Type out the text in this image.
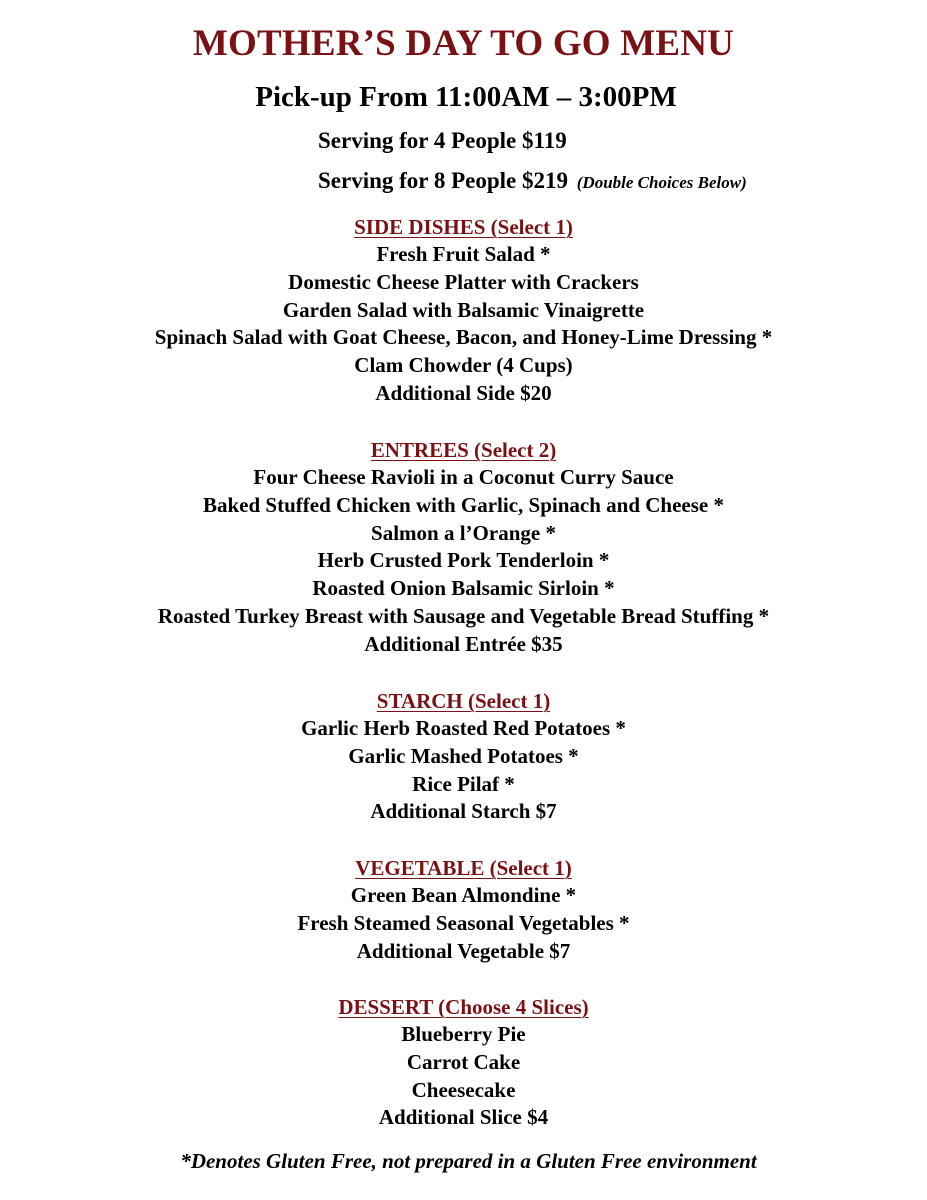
MOTHER’S DAY TO GO MENU
Pick-up From 11:00AM – 3:00PM
Serving for 4 People $119
Serving for 8 People $219 (Double Choices Below)

SIDE DISHES (Select 1)

Fresh Fruit Salad *

Domestic Cheese Platter with Crackers

Garden Salad with Balsamic Vinaigrette

Spinach Salad with Goat Cheese, Bacon, and Honey-Lime Dressing *

Clam Chowder (4 Cups)

Additional Side $20

ENTREES (Select 2)

Four Cheese Ravioli in a Coconut Curry Sauce

Baked Stuffed Chicken with Garlic, Spinach and Cheese *

Salmon a l’Orange *

Herb Crusted Pork Tenderloin *

Roasted Onion Balsamic Sirloin *

Roasted Turkey Breast with Sausage and Vegetable Bread Stuffing *

Additional Entrée $35

STARCH (Select 1)

Garlic Herb Roasted Red Potatoes *

Garlic Mashed Potatoes *

Rice Pilaf *

Additional Starch $7

VEGETABLE (Select 1)

Green Bean Almondine *

Fresh Steamed Seasonal Vegetables *

Additional Vegetable $7

DESSERT (Choose 4 Slices)

Blueberry Pie

Carrot Cake

Cheesecake

Additional Slice $4

*Denotes Gluten Free, not prepared in a Gluten Free environment
